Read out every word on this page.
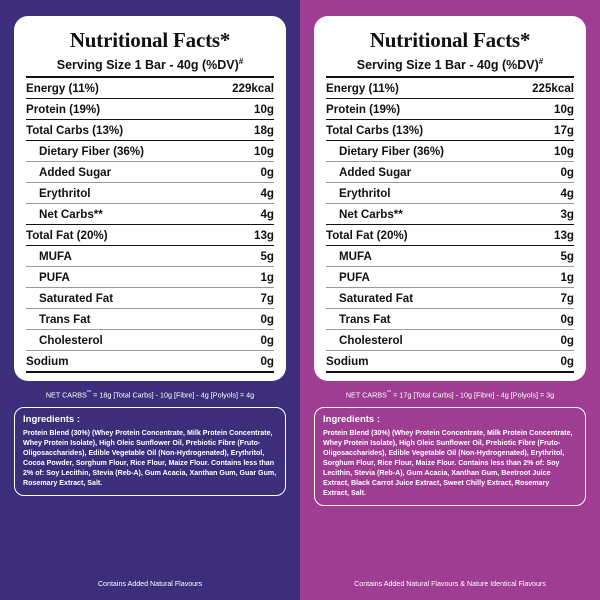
Nutritional Facts*
Serving Size 1 Bar - 40g (%DV)#
Energy (11%)	229kcal
Protein (19%)	10g
Total Carbs (13%)	18g
Dietary Fiber (36%)	10g
Added Sugar	0g
Erythritol	4g
Net Carbs**	4g
Total Fat (20%)	13g
MUFA	5g
PUFA	1g
Saturated Fat	7g
Trans Fat	0g
Cholesterol	0g
Sodium	0g
NET CARBS** = 18g [Total Carbs] - 10g [Fibre] - 4g [Polyols] = 4g
Ingredients :
Protein Blend (30%) (Whey Protein Concentrate, Milk Protein Concentrate, Whey Protein Isolate), High Oleic Sunflower Oil, Prebiotic Fibre (Fruto-Oligosaccharides), Edible Vegetable Oil (Non-Hydrogenated), Erythritol, Cocoa Powder, Sorghum Flour, Rice Flour, Maize Flour. Contains less than 2% of: Soy Lecithin, Stevia (Reb-A), Gum Acacia, Xanthan Gum, Guar Gum, Rosemary Extract, Salt.
Contains Added Natural Flavours
Nutritional Facts*
Serving Size 1 Bar - 40g (%DV)#
Energy (11%)	225kcal
Protein (19%)	10g
Total Carbs (13%)	17g
Dietary Fiber (36%)	10g
Added Sugar	0g
Erythritol	4g
Net Carbs**	3g
Total Fat (20%)	13g
MUFA	5g
PUFA	1g
Saturated Fat	7g
Trans Fat	0g
Cholesterol	0g
Sodium	0g
NET CARBS** = 17g [Total Carbs] - 10g [Fibre] - 4g [Polyols] = 3g
Ingredients :
Protein Blend (30%) (Whey Protein Concentrate, Milk Protein Concentrate, Whey Protein Isolate), High Oleic Sunflower Oil, Prebiotic Fibre (Fruto-Oligosaccharides), Edible Vegetable Oil (Non-Hydrogenated), Erythritol, Sorghum Flour, Rice Flour, Maize Flour. Contains less than 2% of: Soy Lecithin, Stevia (Reb-A), Gum Acacia, Xanthan Gum, Beetroot Juice Extract, Black Carrot Juice Extract, Sweet Chilly Extract, Rosemary Extract, Salt.
Contains Added Natural Flavours & Nature Identical Flavours
